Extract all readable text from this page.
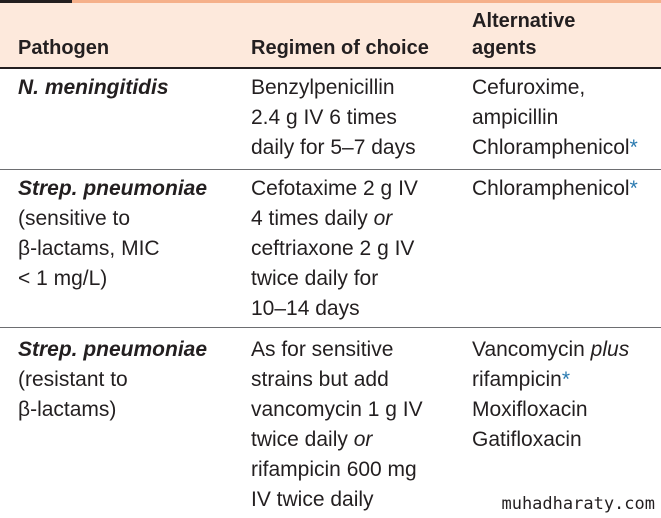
Pathogen	Regimen of choice
Alternative
agents
N. meningitidis	Benzylpenicillin
2.4 g IV 6 times
daily for 5–7 days
Cefuroxime,
ampicillin
Chloramphenicol*
Strep. pneumoniae
(sensitive to
β-lactams, MIC
< 1 mg/L)
Cefotaxime 2 g IV
4 times daily or
ceftriaxone 2 g IV
twice daily for
10–14 days
Chloramphenicol*
Strep. pneumoniae
(resistant to
β-lactams)
As for sensitive
strains but add
vancomycin 1 g IV
twice daily or
rifampicin 600 mg
IV twice daily
Vancomycin plus
rifampicin*
Moxifloxacin
Gatifloxacin
muhadharaty.com
